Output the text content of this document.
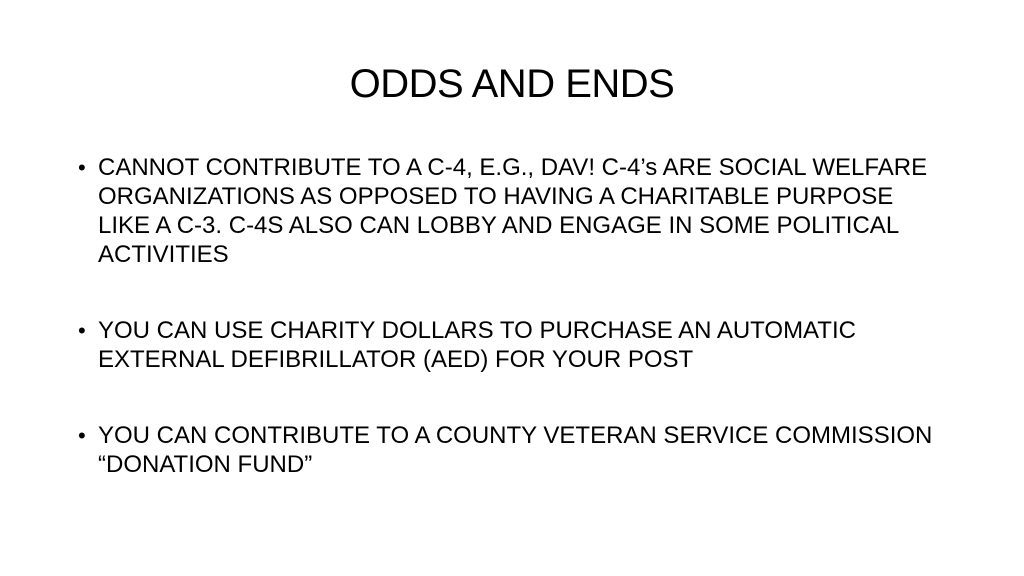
ODDS AND ENDS
• CANNOT CONTRIBUTE TO A C-4, E.G., DAV! C-4’s ARE SOCIAL WELFARE ORGANIZATIONS AS OPPOSED TO HAVING A CHARITABLE PURPOSE LIKE A C-3. C-4S ALSO CAN LOBBY AND ENGAGE IN SOME POLITICAL ACTIVITIES
• YOU CAN USE CHARITY DOLLARS TO PURCHASE AN AUTOMATIC EXTERNAL DEFIBRILLATOR (AED) FOR YOUR POST
• YOU CAN CONTRIBUTE TO A COUNTY VETERAN SERVICE COMMISSION “DONATION FUND”
